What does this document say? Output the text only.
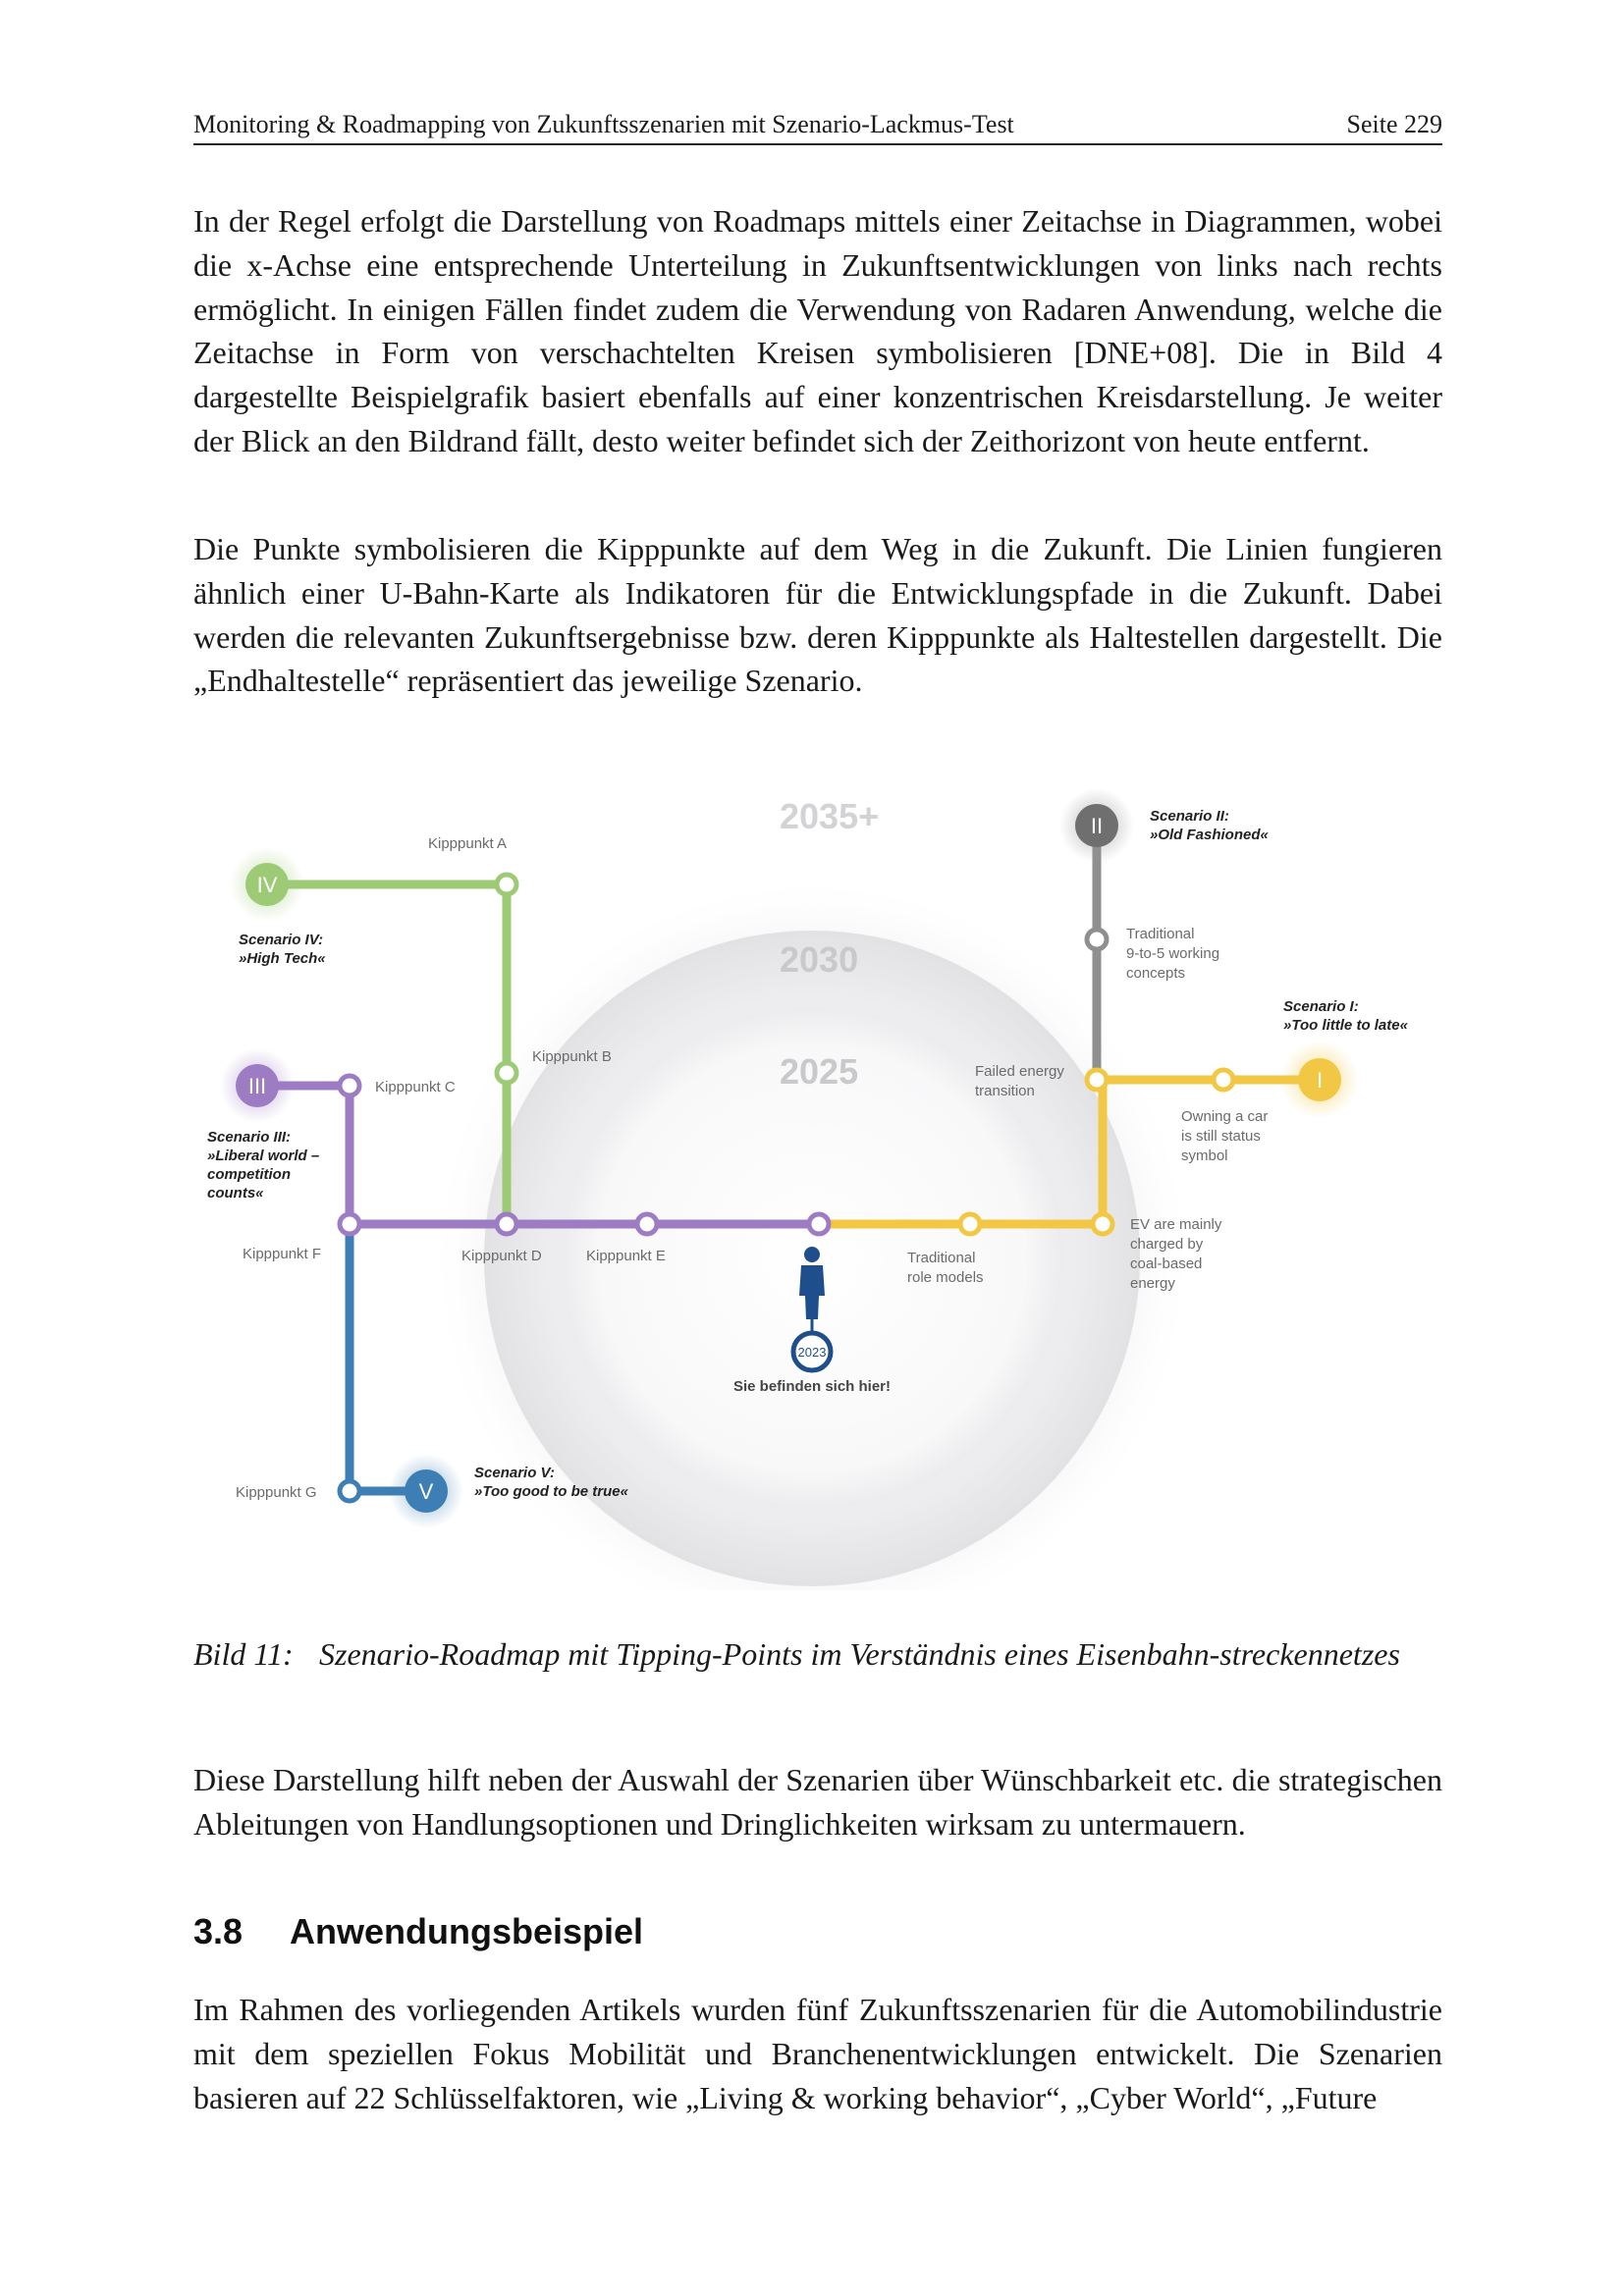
Monitoring & Roadmapping von Zukunftsszenarien mit Szenario-Lackmus-Test	Seite 229

In der Regel erfolgt die Darstellung von Roadmaps mittels einer Zeitachse in Diagrammen, wobei die x-Achse eine entsprechende Unterteilung in Zukunftsentwicklungen von links nach rechts ermöglicht. In einigen Fällen findet zudem die Verwendung von Radaren Anwendung, welche die Zeitachse in Form von verschachtelten Kreisen symbolisieren [DNE+08]. Die in Bild 4 dargestellte Beispielgrafik basiert ebenfalls auf einer konzentrischen Kreisdarstellung. Je weiter der Blick an den Bildrand fällt, desto weiter befindet sich der Zeithorizont von heute entfernt.

Die Punkte symbolisieren die Kipppunkte auf dem Weg in die Zukunft. Die Linien fungieren ähnlich einer U-Bahn-Karte als Indikatoren für die Entwicklungspfade in die Zukunft. Dabei werden die relevanten Zukunftsergebnisse bzw. deren Kipppunkte als Haltestellen dargestellt. Die „Endhaltestelle“ repräsentiert das jeweilige Szenario.

2035+
2030
2025
IV
III
II
I
V
Kipppunkt A
Kipppunkt B
Kipppunkt C
Kipppunkt D	Kipppunkt E
Kipppunkt F
Kipppunkt G
Traditional 9-to-5 working concepts
Failed energy transition
Owning a car is still status symbol
Traditional role models
EV are mainly charged by coal-based energy
Scenario IV: »High Tech«
Scenario III: »Liberal world – competition counts«
Scenario II: »Old Fashioned«
Scenario I: »Too little to late«
Scenario V: »Too good to be true«
2023
Sie befinden sich hier!
Bild 11: Szenario-Roadmap mit Tipping-Points im Verständnis eines Eisenbahn-streckennetzes

Diese Darstellung hilft neben der Auswahl der Szenarien über Wünschbarkeit etc. die strategischen Ableitungen von Handlungsoptionen und Dringlichkeiten wirksam zu untermauern.

3.8 Anwendungsbeispiel

Im Rahmen des vorliegenden Artikels wurden fünf Zukunftsszenarien für die Automobilindustrie mit dem speziellen Fokus Mobilität und Branchenentwicklungen entwickelt. Die Szenarien basieren auf 22 Schlüsselfaktoren, wie „Living & working behavior“, „Cyber World“, „Future
